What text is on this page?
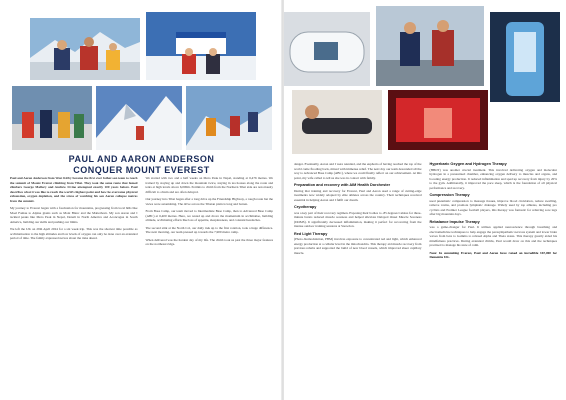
PAUL AND AARON ANDERSON
CONQUER MOUNT EVEREST

Paul and Aaron Anderson from West Kirby became the first ever father-son team to reach the summit of Mount Everest climbing from Tibet. They took the same route that famed climbers George Mallory and Andrew Irvine attempted exactly 100 years before. Paul describes what it was like to reach the world's highest point and how he overcame physical exhaustion, oxygen depletion, and the stress of watching his son Aaron collapse metres from the summit.

My journey to Everest began with a fascination for mountains, progressing from local hills like Moel Famau to Alpine giants such as Mont Blanc and the Matterhorn. My son Aaron and I tackled peaks like Mera Peak in Nepal, Denali in North America and Aconcagua in South America, building our skills and pushing our limits.

We left the UK on 29th April 2024 for a six week trip. This was the shortest time possible as acclimatisation to the high altitudes and low levels of oxygen can only be done over an extended period of time. The family expressed nerves about the risks ahead.

We started with two and a half weeks on Mera Peak in Nepal, standing at 6,476 metres. We trained by staying up and down the mountain twice, staying in tea houses along the route and tents at high levels above 6,000m. Permits to climb from the Northern Tibet side are notoriously difficult to obtain and are often delayed.

Our journey into Tibet began after a long drive up the Friendship Highway, a rough route but the views were astonishing. The drive across the Tibetan plain is long and barren.

From Base Camp, our team moved to Intermediate Base Camp, then to Advanced Base Camp (ABC) at 6,400 metres. Here, we rested up and drove the momentum in acclimatise, building altitude, acclimating efforts like loss of appetite, sleeplessness, and constant headaches.

The second stint at the North Col, our daily trek up to the first rotation, took a huge difference. The next morning, our team pressed up towards the 7,900 metre camp.

When delivered was the hardest day of my life. The climb took us past the three major features on the northeast ridge.

danger. Eventually, Aaron and I were reunited, and the euphoria of having reached the top of the world came flooding back, mixed with immense relief. The next day our team descended all the way to Advanced Base Camp (ABC), where we could finally reflect on our achievement. At this point, my wife called to tell us she was in contact with family.

Preparation and recovery with AIM Health Dorchester

During that training and recovery for Everest, Paul and Aaron used a range of cutting-edge treatments now widely adopted by elite athletes across the country. Their techniques received essential in helping Aaron and I fulfil our dream.

Cryotherapy

was a key part of their recovery regimen. Exposing their bodies to -85 degrees Celsius for three-minute bursts reduced muscle soreness and helped alleviate Delayed Onset Muscle Soreness (DOMS). It significantly decreased inflammation, making it perfect for recovering from the intense outdoor training sessions at Snowdon.

Red Light Therapy

(Photo-biomodulation, PBM) involves exposure to concentrated red and light, which enhanced energy production at a cellular level in the mitochondria. This therapy aid muscle recovery from previous rehabs and supported the build of new blood vessels, which improved sheer capillary muscle.

Hyperbaric Oxygen and Hydrogen Therapy

(HBOT) was another crucial treatment. This involved delivering oxygen and molecular hydrogen in a pressurised chamber, enhancing oxygen delivery to muscles and organs, and boosting energy production. It reduced inflammation and sped up recovery from injury by 20% to the gym. Additionally, it improved the pace sleep, which is the foundation of all physical performance and recovery.

Compression Therapy

used pneumatic compression to massage tissues, improve blood circulation, reduce swelling, remove toxins, and promote lymphatic drainage. Widely used by top athletes, including pro cyclists and Premier League football players, this therapy was fantastic for relieving sore legs after big mountain days.

Rebalance Impulse Therapy

was a game-changer for Paul. It utilises applied neuroscience through breathing and electromedicine techniques to help engage the parasympathetic nervous system and lower brain waves from beta to Gamma to relaxed Alpha and Theta states. This therapy greatly aided his mindfulness practices. During extended climbs, Paul would draw on this and the techniques practised to manage his state of calm.

Note: In summiting Everest, Paul and Aaron have raised an incredible £67,000 for Dementia UK.
